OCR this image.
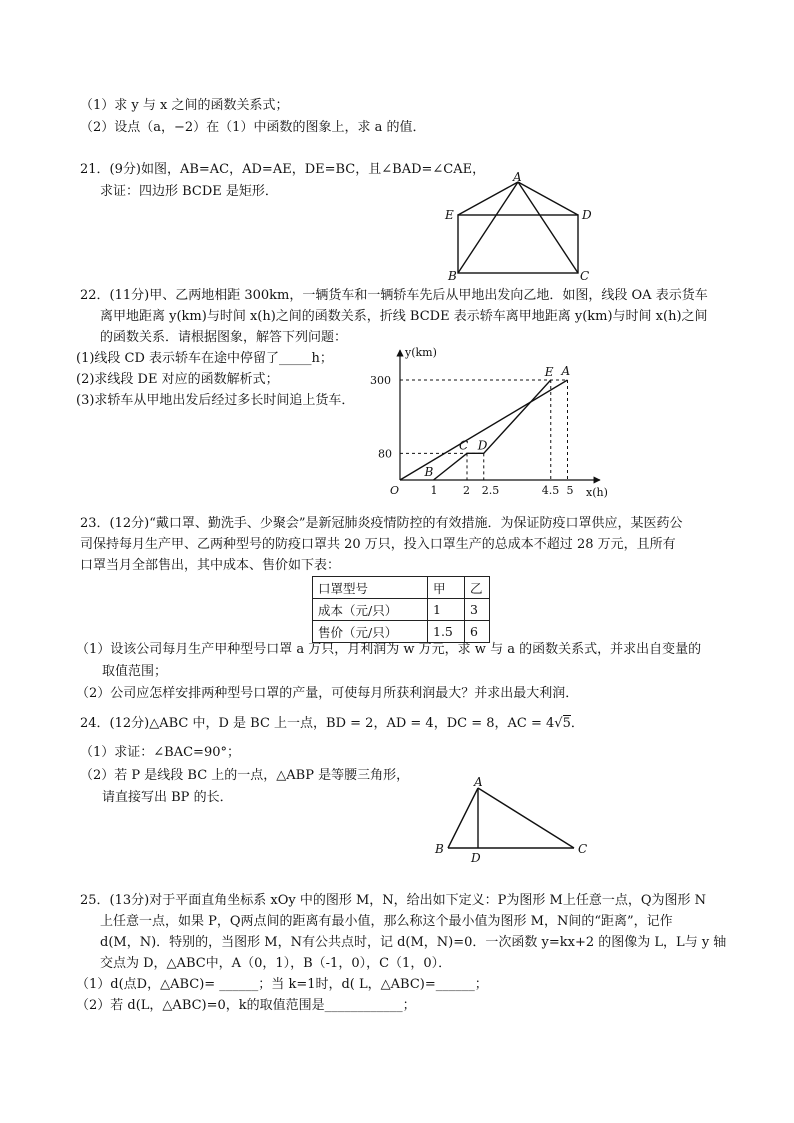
（1）求 y 与 x 之间的函数关系式；
（2）设点（a，−2）在（1）中函数的图象上，求 a 的值．
21．(9分)如图，AB=AC，AD=AE，DE=BC，且∠BAD=∠CAE，
求证：四边形 BCDE 是矩形．
A
E	D
B	C
22．(11分)甲、乙两地相距 300km，一辆货车和一辆轿车先后从甲地出发向乙地．如图，线段 OA 表示货车
离甲地距离 y(km)与时间 x(h)之间的函数关系，折线 BCDE 表示轿车离甲地距离 y(km)与时间 x(h)之间
的函数关系．请根据图象，解答下列问题：
(1)线段 CD 表示轿车在途中停留了_____h；
(2)求线段 DE 对应的函数解析式；
(3)求轿车从甲地出发后经过多长时间追上货车．
y(km)
x(h)
O
300
80
1 2 2.5	4.5 5
B
C D
E A
23．(12分)“戴口罩、勤洗手、少聚会”是新冠肺炎疫情防控的有效措施．为保证防疫口罩供应，某医药公
司保持每月生产甲、乙两种型号的防疫口罩共 20 万只，投入口罩生产的总成本不超过 28 万元，且所有
口罩当月全部售出，其中成本、售价如下表：
口罩型号	甲	乙
成本（元/只）	1	3
售价（元/只）	1.5	6
（1）设该公司每月生产甲种型号口罩 a 万只，月利润为 w 万元，求 w 与 a 的函数关系式，并求出自变量的
取值范围；
（2）公司应怎样安排两种型号口罩的产量，可使每月所获利润最大？并求出最大利润．
24．(12分)△ABC 中，D 是 BC 上一点，BD = 2，AD = 4，DC = 8，AC = 4√5．
（1）求证：∠BAC=90°；
（2）若 P 是线段 BC 上的一点，△ABP 是等腰三角形，
请直接写出 BP 的长．
A
B
D
C
25．(13分)对于平面直角坐标系 xOy 中的图形 M，N，给出如下定义：P为图形 M上任意一点，Q为图形 N
上任意一点，如果 P，Q两点间的距离有最小值，那么称这个最小值为图形 M，N间的“距离”，记作
d(M，N)．特别的，当图形 M，N有公共点时，记 d(M，N)=0．一次函数 y=kx+2 的图像为 L，L与 y 轴
交点为 D，△ABC中，A（0，1），B（-1，0），C（1，0）．
（1）d(点D，△ABC)= ______；当 k=1时，d( L，△ABC)=______；
（2）若 d(L，△ABC)=0，k的取值范围是____________；
